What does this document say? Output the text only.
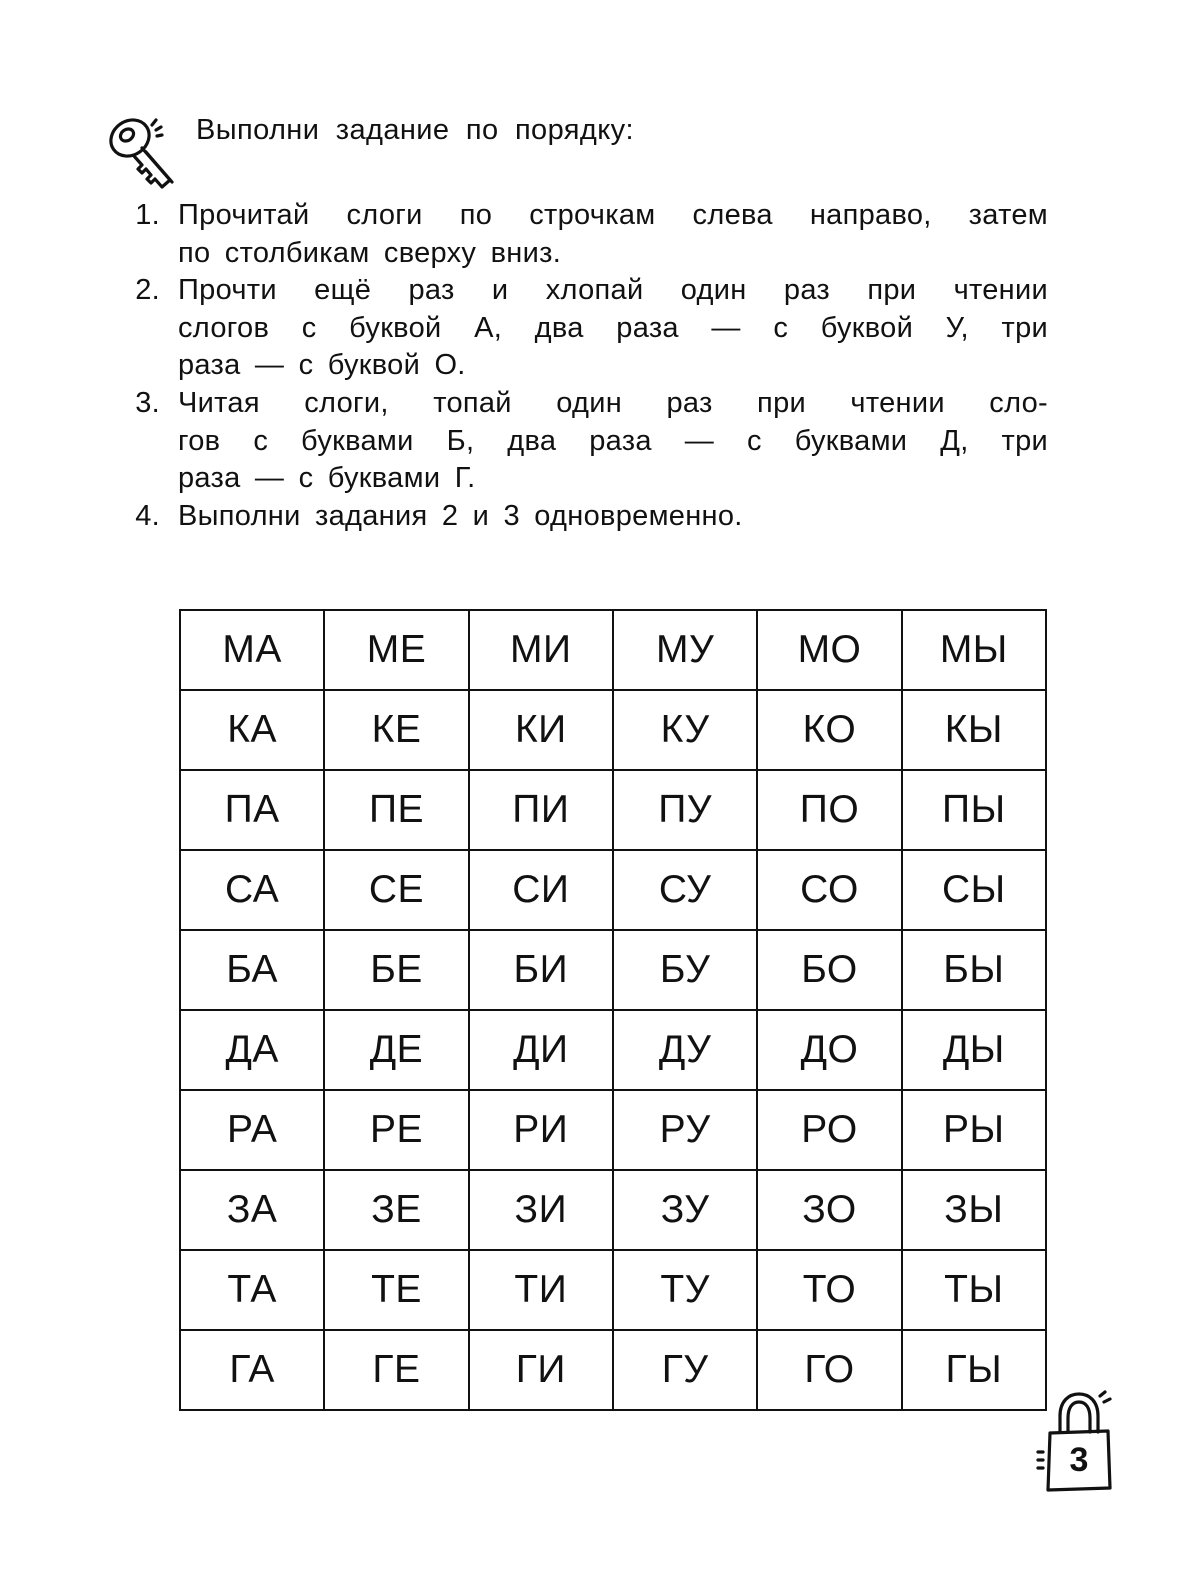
Выполни задание по порядку:
1. Прочитай слоги по строчкам слева направо, затем
по столбикам сверху вниз.
2. Прочти ещё раз и хлопай один раз при чтении
слогов с буквой А, два раза — с буквой У, три
раза — с буквой О.
3. Читая слоги, топай один раз при чтении сло-
гов с буквами Б, два раза — с буквами Д, три
раза — с буквами Г.
4. Выполни задания 2 и 3 одновременно.
МА	МЕ	МИ	МУ	МО	МЫ
КА	КЕ	КИ	КУ	КО	КЫ
ПА	ПЕ	ПИ	ПУ	ПО	ПЫ
СА	СЕ	СИ	СУ	СО	СЫ
БА	БЕ	БИ	БУ	БО	БЫ
ДА	ДЕ	ДИ	ДУ	ДО	ДЫ
РА	РЕ	РИ	РУ	РО	РЫ
ЗА	ЗЕ	ЗИ	ЗУ	ЗО	ЗЫ
ТА	ТЕ	ТИ	ТУ	ТО	ТЫ
ГА	ГЕ	ГИ	ГУ	ГО	ГЫ
3
